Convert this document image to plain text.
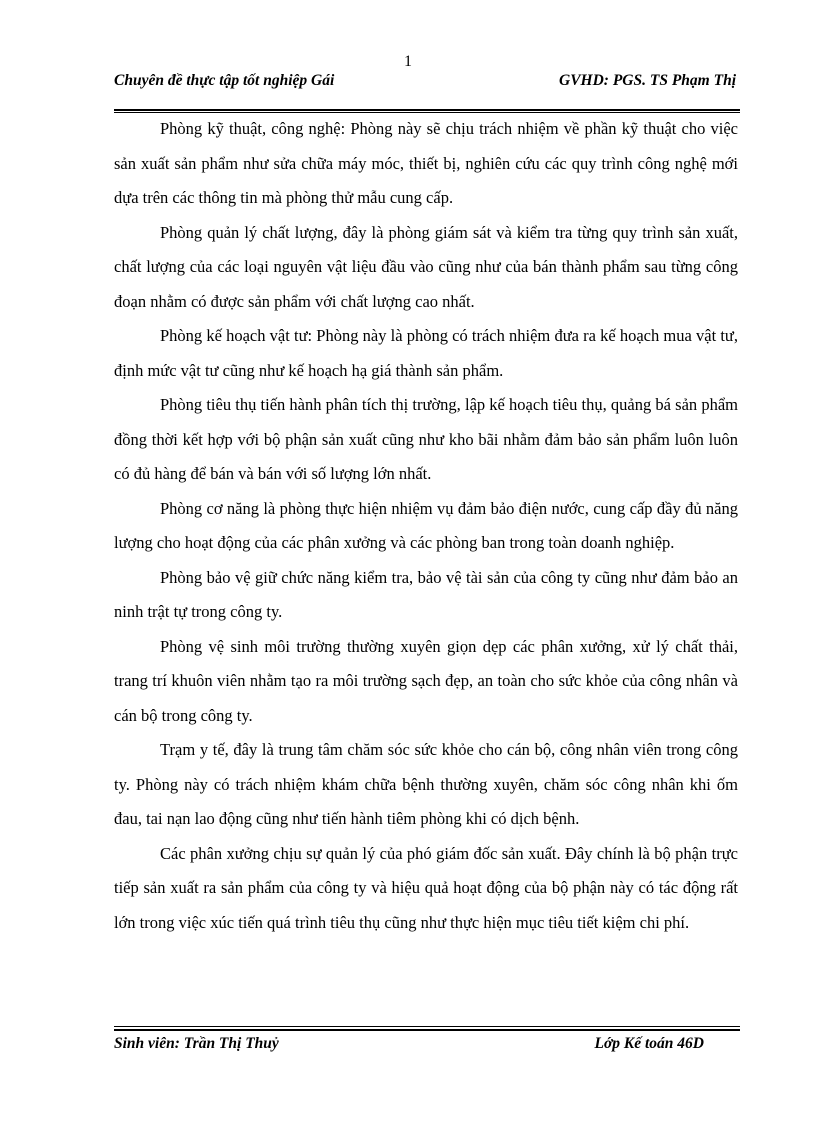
1
Chuyên đề thực tập tốt nghiệp Gái	GVHD: PGS. TS Phạm Thị

Phòng kỹ thuật, công nghệ: Phòng này sẽ chịu trách nhiệm về phần kỹ thuật cho việc sản xuất sản phẩm như sửa chữa máy móc, thiết bị, nghiên cứu các quy trình công nghệ mới dựa trên các thông tin mà phòng thử mẫu cung cấp.

Phòng quản lý chất lượng, đây là phòng giám sát và kiểm tra từng quy trình sản xuất, chất lượng của các loại nguyên vật liệu đầu vào cũng như của bán thành phẩm sau từng công đoạn nhằm có được sản phẩm với chất lượng cao nhất.

Phòng kế hoạch vật tư: Phòng này là phòng có trách nhiệm đưa ra kế hoạch mua vật tư, định mức vật tư cũng như kế hoạch hạ giá thành sản phẩm.

Phòng tiêu thụ tiến hành phân tích thị trường, lập kế hoạch tiêu thụ, quảng bá sản phẩm đồng thời kết hợp với bộ phận sản xuất cũng như kho bãi nhằm đảm bảo sản phẩm luôn luôn có đủ hàng để bán và bán với số lượng lớn nhất.

Phòng cơ năng là phòng thực hiện nhiệm vụ đảm bảo điện nước, cung cấp đầy đủ năng lượng cho hoạt động của các phân xưởng và các phòng ban trong toàn doanh nghiệp.

Phòng bảo vệ giữ chức năng kiểm tra, bảo vệ tài sản của công ty cũng như đảm bảo an ninh trật tự trong công ty.

Phòng vệ sinh môi trường thường xuyên giọn dẹp các phân xưởng, xử lý chất thải, trang trí khuôn viên nhằm tạo ra môi trường sạch đẹp, an toàn cho sức khỏe của công nhân và cán bộ trong công ty.

Trạm y tế, đây là trung tâm chăm sóc sức khỏe cho cán bộ, công nhân viên trong công ty. Phòng này có trách nhiệm khám chữa bệnh thường xuyên, chăm sóc công nhân khi ốm đau, tai nạn lao động cũng như tiến hành tiêm phòng khi có dịch bệnh.

Các phân xưởng chịu sự quản lý của phó giám đốc sản xuất. Đây chính là bộ phận trực tiếp sản xuất ra sản phẩm của công ty và hiệu quả hoạt động của bộ phận này có tác động rất lớn trong việc xúc tiến quá trình tiêu thụ cũng như thực hiện mục tiêu tiết kiệm chi phí.

Sinh viên: Trần Thị Thuỷ	Lớp Kế toán 46D
